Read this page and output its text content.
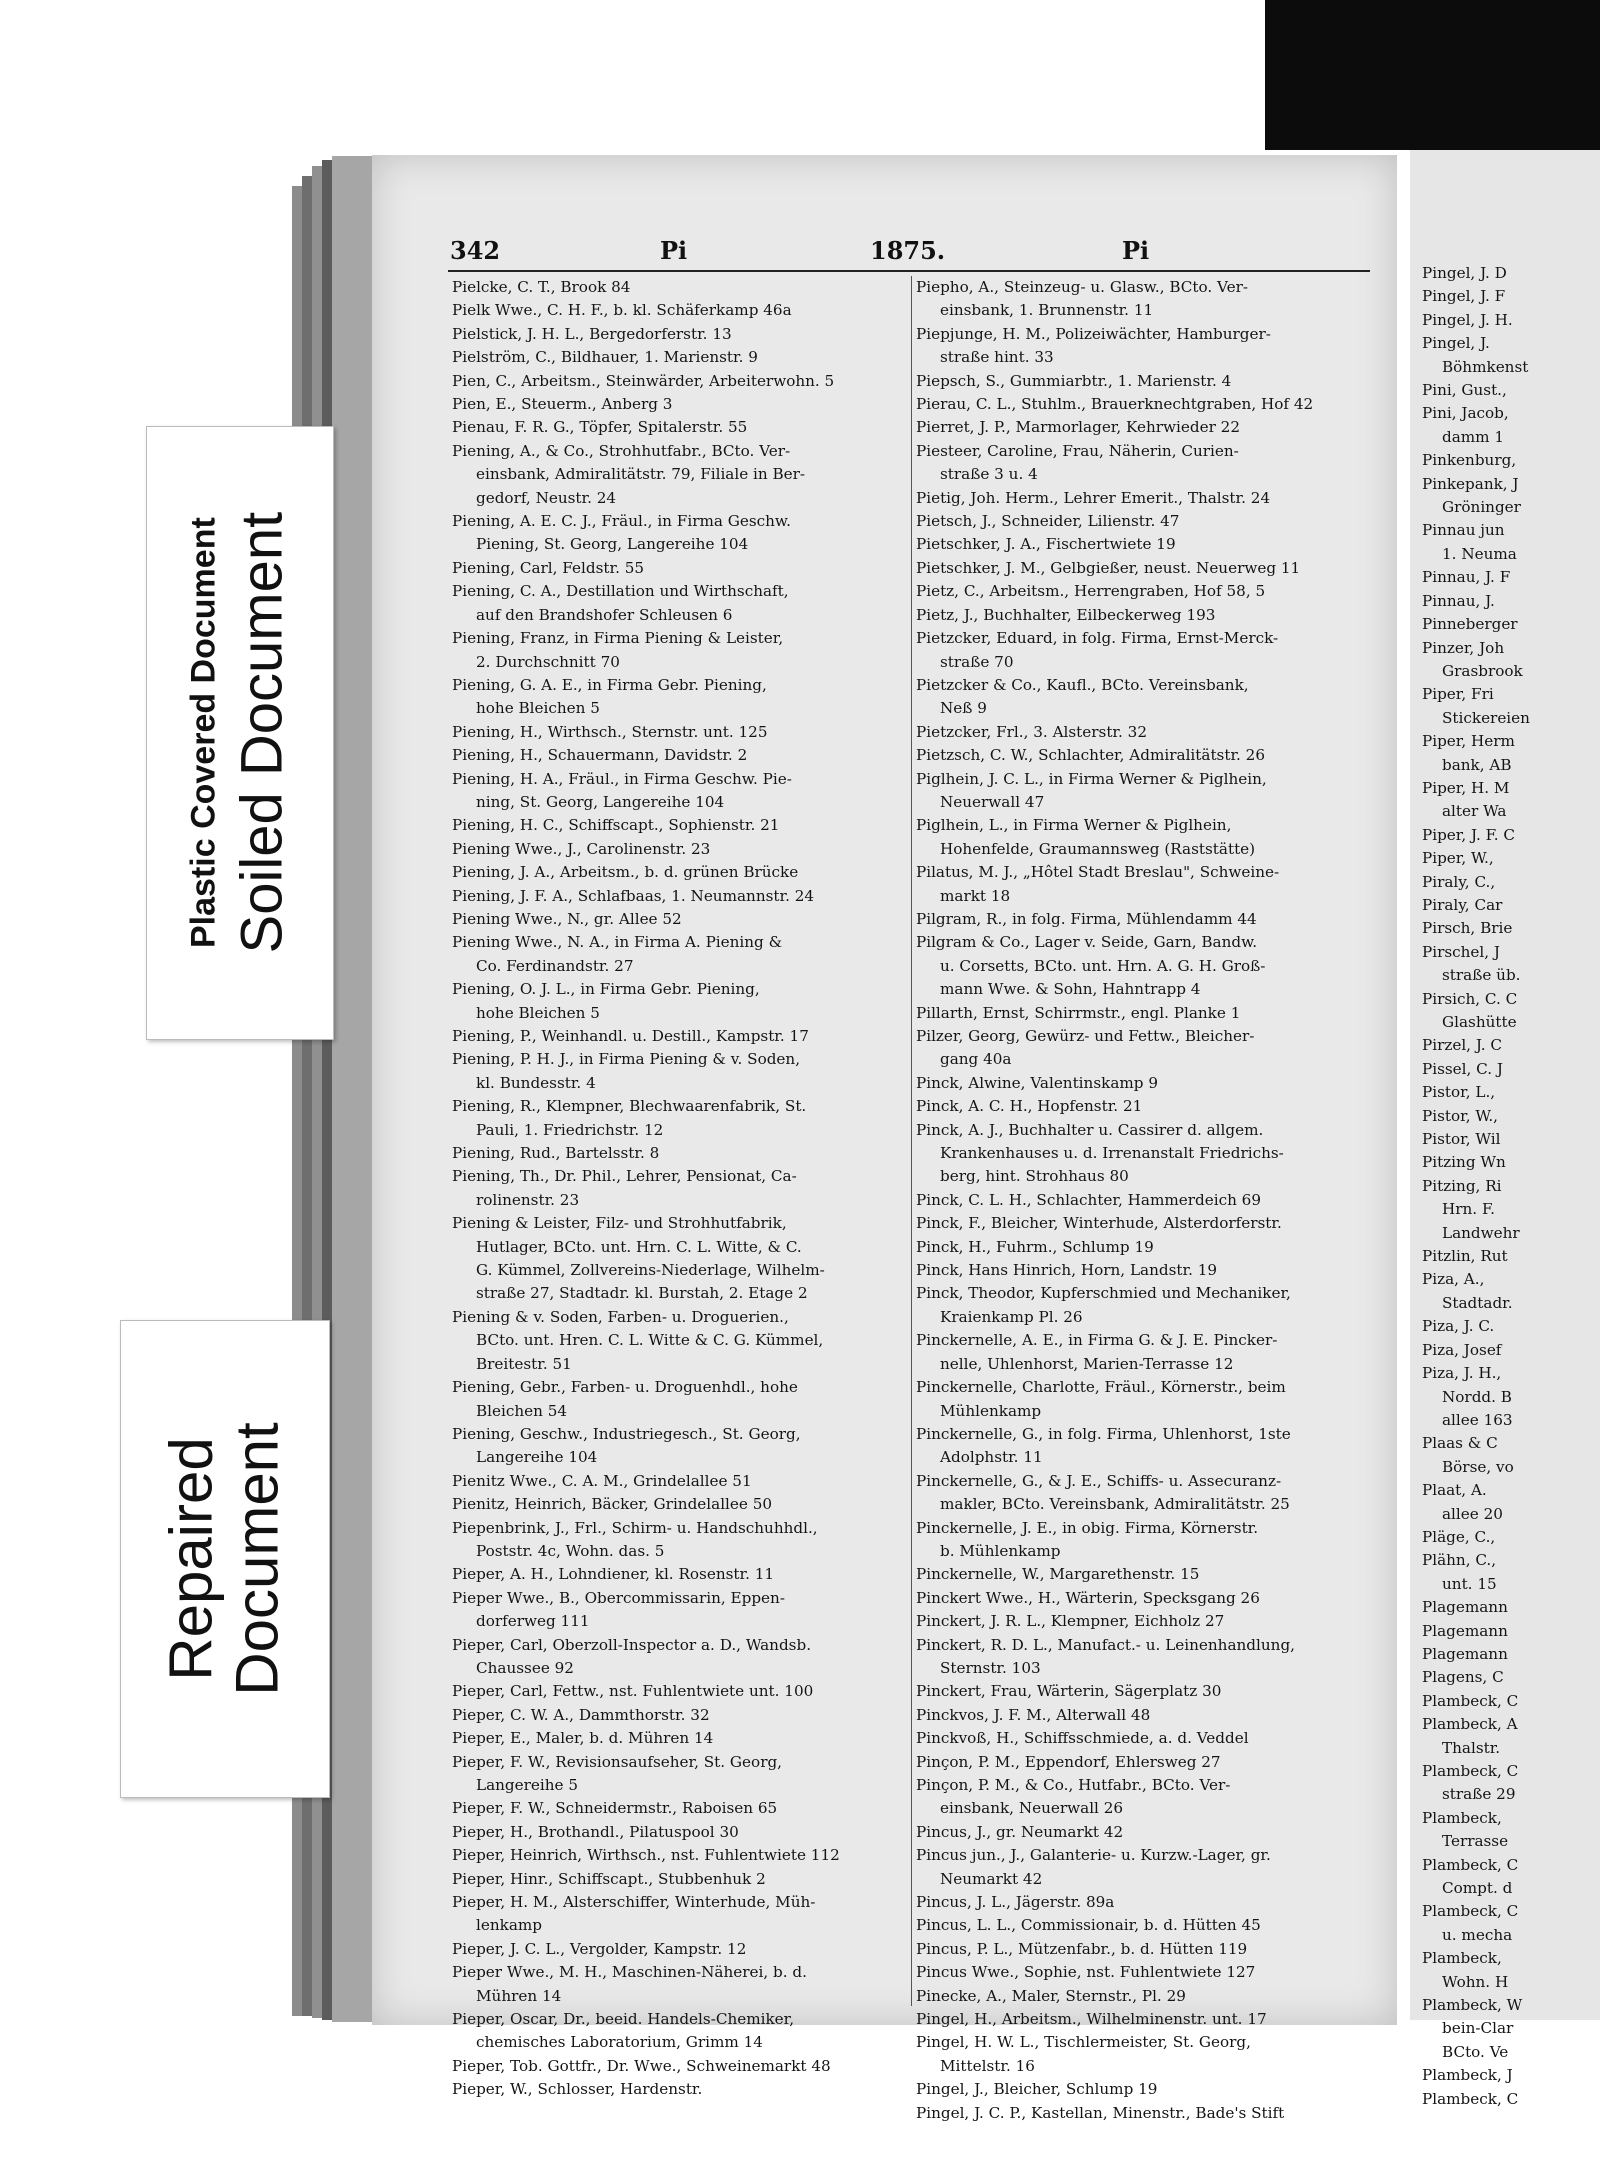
Plastic Covered Document Soiled Document
Repaired Document
342	Pi	1875.	Pi
Pielcke, C. T., Brook 84
Pielk Wwe., C. H. F., b. kl. Schäferkamp 46a
Pielstick, J. H. L., Bergedorferstr. 13
Pielström, C., Bildhauer, 1. Marienstr. 9
Pien, C., Arbeitsm., Steinwärder, Arbeiterwohn. 5
Pien, E., Steuerm., Anberg 3
Pienau, F. R. G., Töpfer, Spitalerstr. 55
Piening, A., & Co., Strohhutfabr., BCto. Ver-
einsbank, Admiralitätstr. 79, Filiale in Ber-
gedorf, Neustr. 24
Piening, A. E. C. J., Fräul., in Firma Geschw.
Piening, St. Georg, Langereihe 104
Piening, Carl, Feldstr. 55
Piening, C. A., Destillation und Wirthschaft,
auf den Brandshofer Schleusen 6
Piening, Franz, in Firma Piening & Leister,
2. Durchschnitt 70
Piening, G. A. E., in Firma Gebr. Piening,
hohe Bleichen 5
Piening, H., Wirthsch., Sternstr. unt. 125
Piening, H., Schauermann, Davidstr. 2
Piening, H. A., Fräul., in Firma Geschw. Pie-
ning, St. Georg, Langereihe 104
Piening, H. C., Schiffscapt., Sophienstr. 21
Piening Wwe., J., Carolinenstr. 23
Piening, J. A., Arbeitsm., b. d. grünen Brücke
Piening, J. F. A., Schlafbaas, 1. Neumannstr. 24
Piening Wwe., N., gr. Allee 52
Piening Wwe., N. A., in Firma A. Piening &
Co. Ferdinandstr. 27
Piening, O. J. L., in Firma Gebr. Piening,
hohe Bleichen 5
Piening, P., Weinhandl. u. Destill., Kampstr. 17
Piening, P. H. J., in Firma Piening & v. Soden,
kl. Bundesstr. 4
Piening, R., Klempner, Blechwaarenfabrik, St.
Pauli, 1. Friedrichstr. 12
Piening, Rud., Bartelsstr. 8
Piening, Th., Dr. Phil., Lehrer, Pensionat, Ca-
rolinenstr. 23
Piening & Leister, Filz- und Strohhutfabrik,
Hutlager, BCto. unt. Hrn. C. L. Witte, & C.
G. Kümmel, Zollvereins-Niederlage, Wilhelm-
straße 27, Stadtadr. kl. Burstah, 2. Etage 2
Piening & v. Soden, Farben- u. Droguerien.,
BCto. unt. Hren. C. L. Witte & C. G. Kümmel,
Breitestr. 51
Piening, Gebr., Farben- u. Droguenhdl., hohe
Bleichen 54
Piening, Geschw., Industriegesch., St. Georg,
Langereihe 104
Pienitz Wwe., C. A. M., Grindelallee 51
Pienitz, Heinrich, Bäcker, Grindelallee 50
Piepenbrink, J., Frl., Schirm- u. Handschuhhdl.,
Poststr. 4c, Wohn. das. 5
Pieper, A. H., Lohndiener, kl. Rosenstr. 11
Pieper Wwe., B., Obercommissarin, Eppen-
dorferweg 111
Pieper, Carl, Oberzoll-Inspector a. D., Wandsb.
Chaussee 92
Pieper, Carl, Fettw., nst. Fuhlentwiete unt. 100
Pieper, C. W. A., Dammthorstr. 32
Pieper, E., Maler, b. d. Mühren 14
Pieper, F. W., Revisionsaufseher, St. Georg,
Langereihe 5
Pieper, F. W., Schneidermstr., Raboisen 65
Pieper, H., Brothandl., Pilatuspool 30
Pieper, Heinrich, Wirthsch., nst. Fuhlentwiete 112
Pieper, Hinr., Schiffscapt., Stubbenhuk 2
Pieper, H. M., Alsterschiffer, Winterhude, Müh-
lenkamp
Pieper, J. C. L., Vergolder, Kampstr. 12
Pieper Wwe., M. H., Maschinen-Näherei, b. d.
Mühren 14
Pieper, Oscar, Dr., beeid. Handels-Chemiker,
chemisches Laboratorium, Grimm 14
Pieper, Tob. Gottfr., Dr. Wwe., Schweinemarkt 48
Pieper, W., Schlosser, Hardenstr.
Piepho, A., Steinzeug- u. Glasw., BCto. Ver-
einsbank, 1. Brunnenstr. 11
Piepjunge, H. M., Polizeiwächter, Hamburger-
straße hint. 33
Piepsch, S., Gummiarbtr., 1. Marienstr. 4
Pierau, C. L., Stuhlm., Brauerknechtgraben, Hof 42
Pierret, J. P., Marmorlager, Kehrwieder 22
Piesteer, Caroline, Frau, Näherin, Curien-
straße 3 u. 4
Pietig, Joh. Herm., Lehrer Emerit., Thalstr. 24
Pietsch, J., Schneider, Lilienstr. 47
Pietschker, J. A., Fischertwiete 19
Pietschker, J. M., Gelbgießer, neust. Neuerweg 11
Pietz, C., Arbeitsm., Herrengraben, Hof 58, 5
Pietz, J., Buchhalter, Eilbeckerweg 193
Pietzcker, Eduard, in folg. Firma, Ernst-Merck-
straße 70
Pietzcker & Co., Kaufl., BCto. Vereinsbank,
Neß 9
Pietzcker, Frl., 3. Alsterstr. 32
Pietzsch, C. W., Schlachter, Admiralitätstr. 26
Piglhein, J. C. L., in Firma Werner & Piglhein,
Neuerwall 47
Piglhein, L., in Firma Werner & Piglhein,
Hohenfelde, Graumannsweg (Raststätte)
Pilatus, M. J., „Hôtel Stadt Breslau", Schweine-
markt 18
Pilgram, R., in folg. Firma, Mühlendamm 44
Pilgram & Co., Lager v. Seide, Garn, Bandw.
u. Corsetts, BCto. unt. Hrn. A. G. H. Groß-
mann Wwe. & Sohn, Hahntrapp 4
Pillarth, Ernst, Schirrmstr., engl. Planke 1
Pilzer, Georg, Gewürz- und Fettw., Bleicher-
gang 40a
Pinck, Alwine, Valentinskamp 9
Pinck, A. C. H., Hopfenstr. 21
Pinck, A. J., Buchhalter u. Cassirer d. allgem.
Krankenhauses u. d. Irrenanstalt Friedrichs-
berg, hint. Strohhaus 80
Pinck, C. L. H., Schlachter, Hammerdeich 69
Pinck, F., Bleicher, Winterhude, Alsterdorferstr.
Pinck, H., Fuhrm., Schlump 19
Pinck, Hans Hinrich, Horn, Landstr. 19
Pinck, Theodor, Kupferschmied und Mechaniker,
Kraienkamp Pl. 26
Pinckernelle, A. E., in Firma G. & J. E. Pincker-
nelle, Uhlenhorst, Marien-Terrasse 12
Pinckernelle, Charlotte, Fräul., Körnerstr., beim
Mühlenkamp
Pinckernelle, G., in folg. Firma, Uhlenhorst, 1ste
Adolphstr. 11
Pinckernelle, G., & J. E., Schiffs- u. Assecuranz-
makler, BCto. Vereinsbank, Admiralitätstr. 25
Pinckernelle, J. E., in obig. Firma, Körnerstr.
b. Mühlenkamp
Pinckernelle, W., Margarethenstr. 15
Pinckert Wwe., H., Wärterin, Specksgang 26
Pinckert, J. R. L., Klempner, Eichholz 27
Pinckert, R. D. L., Manufact.- u. Leinenhandlung,
Sternstr. 103
Pinckert, Frau, Wärterin, Sägerplatz 30
Pinckvos, J. F. M., Alterwall 48
Pinckvoß, H., Schiffsschmiede, a. d. Veddel
Pinçon, P. M., Eppendorf, Ehlersweg 27
Pinçon, P. M., & Co., Hutfabr., BCto. Ver-
einsbank, Neuerwall 26
Pincus, J., gr. Neumarkt 42
Pincus jun., J., Galanterie- u. Kurzw.-Lager, gr.
Neumarkt 42
Pincus, J. L., Jägerstr. 89a
Pincus, L. L., Commissionair, b. d. Hütten 45
Pincus, P. L., Mützenfabr., b. d. Hütten 119
Pincus Wwe., Sophie, nst. Fuhlentwiete 127
Pinecke, A., Maler, Sternstr., Pl. 29
Pingel, H., Arbeitsm., Wilhelminenstr. unt. 17
Pingel, H. W. L., Tischlermeister, St. Georg,
Mittelstr. 16
Pingel, J., Bleicher, Schlump 19
Pingel, J. C. P., Kastellan, Minenstr., Bade's Stift
Pingel, J. D
Pingel, J. F
Pingel, J. H.
Pingel, J.
Böhmkenst
Pini, Gust.,
Pini, Jacob,
damm 1
Pinkenburg,
Pinkepank, J
Gröninger
Pinnau jun
1. Neuma
Pinnau, J. F
Pinnau, J.
Pinneberger
Pinzer, Joh
Grasbrook
Piper, Fri
Stickereien
Piper, Herm
bank, AB
Piper, H. M
alter Wa
Piper, J. F. C
Piper, W.,
Piraly, C.,
Piraly, Car
Pirsch, Brie
Pirschel, J
straße üb.
Pirsich, C. C
Glashütte
Pirzel, J. C
Pissel, C. J
Pistor, L.,
Pistor, W.,
Pistor, Wil
Pitzing Wn
Pitzing, Ri
Hrn. F.
Landwehr
Pitzlin, Rut
Piza, A.,
Stadtadr.
Piza, J. C.
Piza, Josef
Piza, J. H.,
Nordd. B
allee 163
Plaas & C
Börse, vo
Plaat, A.
allee 20
Pläge, C.,
Plähn, C.,
unt. 15
Plagemann
Plagemann
Plagemann
Plagens, C
Plambeck, C
Plambeck, A
Thalstr.
Plambeck, C
straße 29
Plambeck,
Terrasse
Plambeck, C
Compt. d
Plambeck, C
u. mecha
Plambeck,
Wohn. H
Plambeck, W
bein-Clar
BCto. Ve
Plambeck, J
Plambeck, C
